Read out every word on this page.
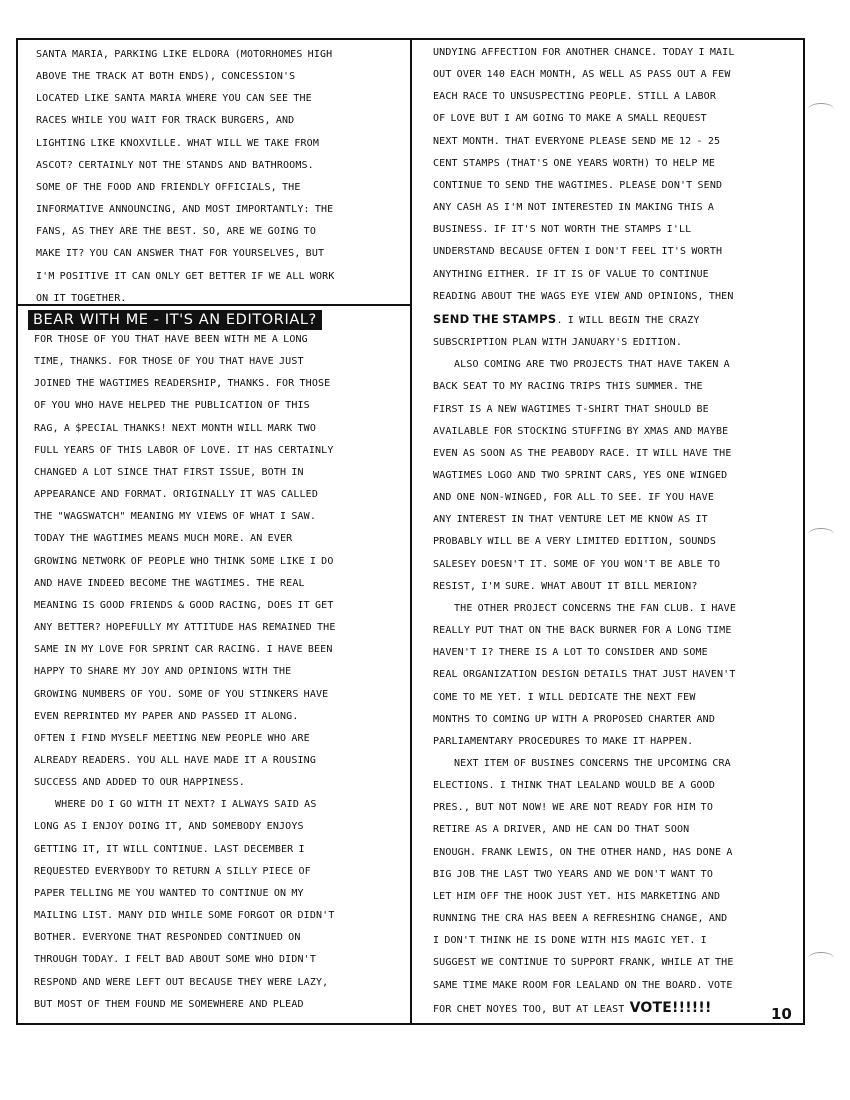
SANTA MARIA, PARKING LIKE ELDORA (MOTORHOMES HIGH

ABOVE THE TRACK AT BOTH ENDS), CONCESSION'S

LOCATED LIKE SANTA MARIA WHERE YOU CAN SEE THE

RACES WHILE YOU WAIT FOR TRACK BURGERS, AND

LIGHTING LIKE KNOXVILLE. WHAT WILL WE TAKE FROM

ASCOT? CERTAINLY NOT THE STANDS AND BATHROOMS.

SOME OF THE FOOD AND FRIENDLY OFFICIALS, THE

INFORMATIVE ANNOUNCING, AND MOST IMPORTANTLY: THE

FANS, AS THEY ARE THE BEST. SO, ARE WE GOING TO

MAKE IT? YOU CAN ANSWER THAT FOR YOURSELVES, BUT

I'M POSITIVE IT CAN ONLY GET BETTER IF WE ALL WORK

ON IT TOGETHER.

BEAR WITH ME - IT'S AN EDITORIAL?

FOR THOSE OF YOU THAT HAVE BEEN WITH ME A LONG

TIME, THANKS. FOR THOSE OF YOU THAT HAVE JUST

JOINED THE WAGTIMES READERSHIP, THANKS. FOR THOSE

OF YOU WHO HAVE HELPED THE PUBLICATION OF THIS

RAG, A $PECIAL THANKS! NEXT MONTH WILL MARK TWO

FULL YEARS OF THIS LABOR OF LOVE. IT HAS CERTAINLY

CHANGED A LOT SINCE THAT FIRST ISSUE, BOTH IN

APPEARANCE AND FORMAT. ORIGINALLY IT WAS CALLED

THE "WAGSWATCH" MEANING MY VIEWS OF WHAT I SAW.

TODAY THE WAGTIMES MEANS MUCH MORE. AN EVER

GROWING NETWORK OF PEOPLE WHO THINK SOME LIKE I DO

AND HAVE INDEED BECOME THE WAGTIMES. THE REAL

MEANING IS GOOD FRIENDS & GOOD RACING, DOES IT GET

ANY BETTER? HOPEFULLY MY ATTITUDE HAS REMAINED THE

SAME IN MY LOVE FOR SPRINT CAR RACING. I HAVE BEEN

HAPPY TO SHARE MY JOY AND OPINIONS WITH THE

GROWING NUMBERS OF YOU. SOME OF YOU STINKERS HAVE

EVEN REPRINTED MY PAPER AND PASSED IT ALONG.

OFTEN I FIND MYSELF MEETING NEW PEOPLE WHO ARE

ALREADY READERS. YOU ALL HAVE MADE IT A ROUSING

SUCCESS AND ADDED TO OUR HAPPINESS.

WHERE DO I GO WITH IT NEXT? I ALWAYS SAID AS

LONG AS I ENJOY DOING IT, AND SOMEBODY ENJOYS

GETTING IT, IT WILL CONTINUE. LAST DECEMBER I

REQUESTED EVERYBODY TO RETURN A SILLY PIECE OF

PAPER TELLING ME YOU WANTED TO CONTINUE ON MY

MAILING LIST. MANY DID WHILE SOME FORGOT OR DIDN'T

BOTHER. EVERYONE THAT RESPONDED CONTINUED ON

THROUGH TODAY. I FELT BAD ABOUT SOME WHO DIDN'T

RESPOND AND WERE LEFT OUT BECAUSE THEY WERE LAZY,

BUT MOST OF THEM FOUND ME SOMEWHERE AND PLEAD

UNDYING AFFECTION FOR ANOTHER CHANCE. TODAY I MAIL

OUT OVER 140 EACH MONTH, AS WELL AS PASS OUT A FEW

EACH RACE TO UNSUSPECTING PEOPLE. STILL A LABOR

OF LOVE BUT I AM GOING TO MAKE A SMALL REQUEST

NEXT MONTH. THAT EVERYONE PLEASE SEND ME 12 - 25

CENT STAMPS (THAT'S ONE YEARS WORTH) TO HELP ME

CONTINUE TO SEND THE WAGTIMES. PLEASE DON'T SEND

ANY CASH AS I'M NOT INTERESTED IN MAKING THIS A

BUSINESS. IF IT'S NOT WORTH THE STAMPS I'LL

UNDERSTAND BECAUSE OFTEN I DON'T FEEL IT'S WORTH

ANYTHING EITHER. IF IT IS OF VALUE TO CONTINUE

READING ABOUT THE WAGS EYE VIEW AND OPINIONS, THEN

SEND THE STAMPS. I WILL BEGIN THE CRAZY

SUBSCRIPTION PLAN WITH JANUARY'S EDITION.

ALSO COMING ARE TWO PROJECTS THAT HAVE TAKEN A

BACK SEAT TO MY RACING TRIPS THIS SUMMER. THE

FIRST IS A NEW WAGTIMES T-SHIRT THAT SHOULD BE

AVAILABLE FOR STOCKING STUFFING BY XMAS AND MAYBE

EVEN AS SOON AS THE PEABODY RACE. IT WILL HAVE THE

WAGTIMES LOGO AND TWO SPRINT CARS, YES ONE WINGED

AND ONE NON-WINGED, FOR ALL TO SEE. IF YOU HAVE

ANY INTEREST IN THAT VENTURE LET ME KNOW AS IT

PROBABLY WILL BE A VERY LIMITED EDITION, SOUNDS

SALESEY DOESN'T IT. SOME OF YOU WON'T BE ABLE TO

RESIST, I'M SURE. WHAT ABOUT IT BILL MERION?

THE OTHER PROJECT CONCERNS THE FAN CLUB. I HAVE

REALLY PUT THAT ON THE BACK BURNER FOR A LONG TIME

HAVEN'T I? THERE IS A LOT TO CONSIDER AND SOME

REAL ORGANIZATION DESIGN DETAILS THAT JUST HAVEN'T

COME TO ME YET. I WILL DEDICATE THE NEXT FEW

MONTHS TO COMING UP WITH A PROPOSED CHARTER AND

PARLIAMENTARY PROCEDURES TO MAKE IT HAPPEN.

NEXT ITEM OF BUSINES CONCERNS THE UPCOMING CRA

ELECTIONS. I THINK THAT LEALAND WOULD BE A GOOD

PRES., BUT NOT NOW! WE ARE NOT READY FOR HIM TO

RETIRE AS A DRIVER, AND HE CAN DO THAT SOON

ENOUGH. FRANK LEWIS, ON THE OTHER HAND, HAS DONE A

BIG JOB THE LAST TWO YEARS AND WE DON'T WANT TO

LET HIM OFF THE HOOK JUST YET. HIS MARKETING AND

RUNNING THE CRA HAS BEEN A REFRESHING CHANGE, AND

I DON'T THINK HE IS DONE WITH HIS MAGIC YET. I

SUGGEST WE CONTINUE TO SUPPORT FRANK, WHILE AT THE

SAME TIME MAKE ROOM FOR LEALAND ON THE BOARD. VOTE

FOR CHET NOYES TOO, BUT AT LEAST VOTE!!!!!!	10
